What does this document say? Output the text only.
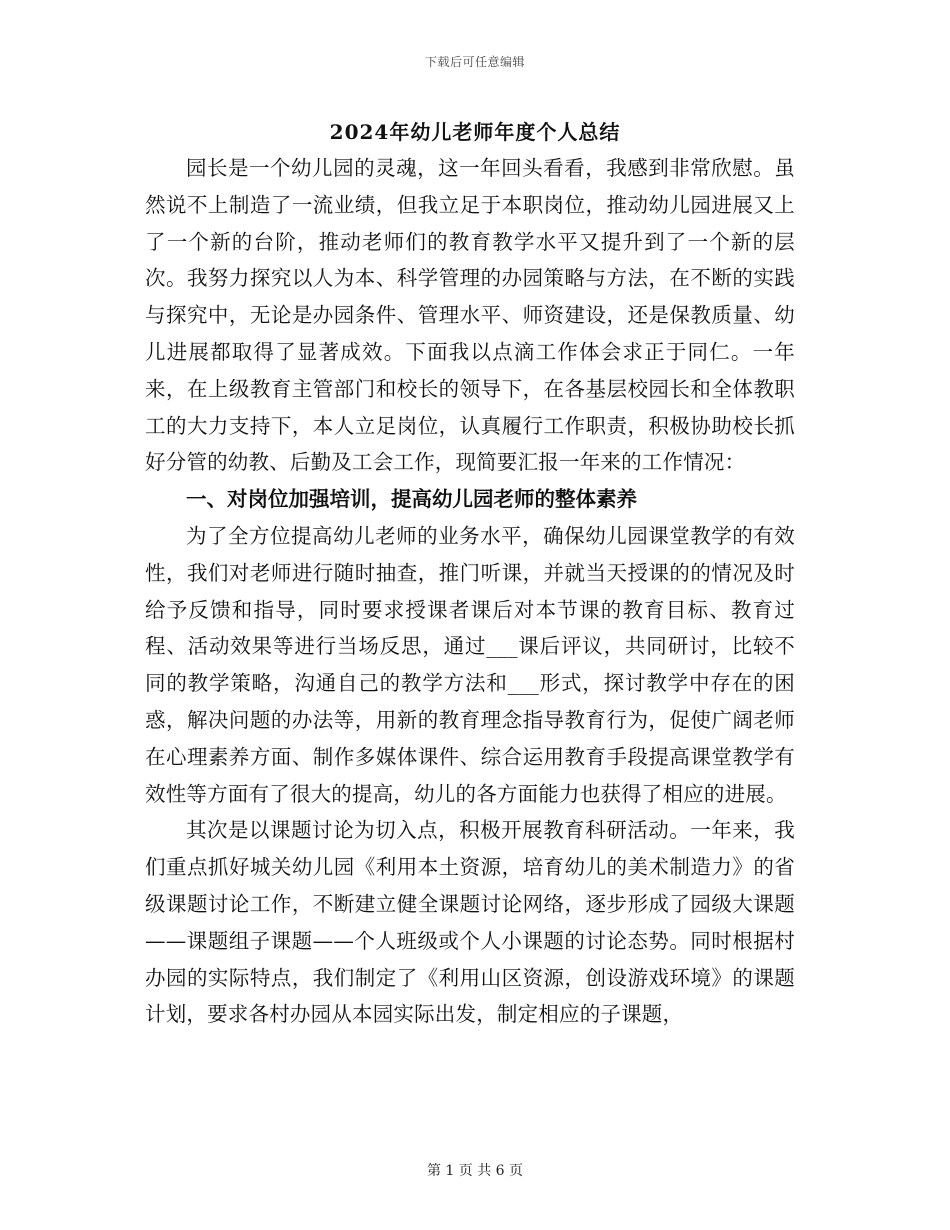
下载后可任意编辑
2024年幼儿老师年度个人总结

园长是一个幼儿园的灵魂，这一年回头看看，我感到非常欣慰。虽然说不上制造了一流业绩，但我立足于本职岗位，推动幼儿园进展又上了一个新的台阶，推动老师们的教育教学水平又提升到了一个新的层次。我努力探究以人为本、科学管理的办园策略与方法，在不断的实践与探究中，无论是办园条件、管理水平、师资建设，还是保教质量、幼儿进展都取得了显著成效。下面我以点滴工作体会求正于同仁。一年来，在上级教育主管部门和校长的领导下，在各基层校园长和全体教职工的大力支持下，本人立足岗位，认真履行工作职责，积极协助校长抓好分管的幼教、后勤及工会工作，现简要汇报一年来的工作情况：

一、对岗位加强培训，提高幼儿园老师的整体素养

为了全方位提高幼儿老师的业务水平，确保幼儿园课堂教学的有效性，我们对老师进行随时抽查，推门听课，并就当天授课的的情况及时给予反馈和指导，同时要求授课者课后对本节课的教育目标、教育过程、活动效果等进行当场反思，通过___课后评议，共同研讨，比较不同的教学策略，沟通自己的教学方法和___形式，探讨教学中存在的困惑，解决问题的办法等，用新的教育理念指导教育行为，促使广阔老师在心理素养方面、制作多媒体课件、综合运用教育手段提高课堂教学有效性等方面有了很大的提高，幼儿的各方面能力也获得了相应的进展。

其次是以课题讨论为切入点，积极开展教育科研活动。一年来，我们重点抓好城关幼儿园《利用本土资源，培育幼儿的美术制造力》的省级课题讨论工作，不断建立健全课题讨论网络，逐步形成了园级大课题——课题组子课题——个人班级或个人小课题的讨论态势。同时根据村办园的实际特点，我们制定了《利用山区资源，创设游戏环境》的课题计划，要求各村办园从本园实际出发，制定相应的子课题，

第 1 页 共 6 页
